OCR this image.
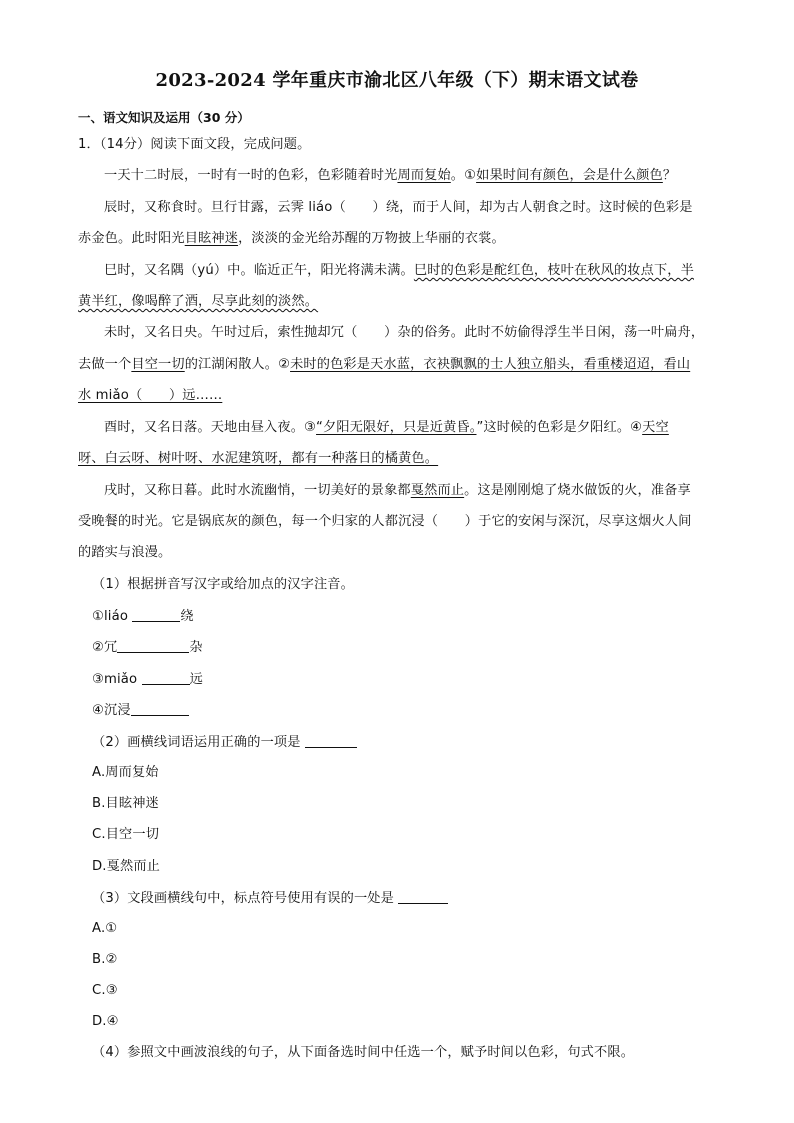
2023-2024 学年重庆市渝北区八年级（下）期末语文试卷
一、语文知识及运用（30 分）
1．（14分）阅读下面文段，完成问题。
一天十二时辰，一时有一时的色彩，色彩随着时光周而复始。①如果时间有颜色，会是什么颜色？
辰时，又称食时。旦行甘露，云霁 liáo（　　）绕，而于人间，却为古人朝食之时。这时候的色彩是
赤金色。此时阳光目眩神迷，淡淡的金光给苏醒的万物披上华丽的衣裳。
巳时，又名隅（yú）中。临近正午，阳光将满未满。巳时的色彩是酡红色，枝叶在秋风的妆点下，半
黄半红，像喝醉了酒，尽享此刻的淡然。
未时，又名日央。午时过后，索性抛却冗（　　）杂的俗务。此时不妨偷得浮生半日闲，荡一叶扁舟，
去做一个目空一切的江湖闲散人。②未时的色彩是天水蓝，衣袂飘飘的士人独立船头，看重楼迢迢，看山
水 miǎo（　　）远……
酉时，又名日落。天地由昼入夜。③“夕阳无限好，只是近黄昏。”这时候的色彩是夕阳红。④天空
呀、白云呀、树叶呀、水泥建筑呀，都有一种落日的橘黄色。
戌时，又称日暮。此时水流幽悄，一切美好的景象都戛然而止。这是刚刚熄了烧水做饭的火，准备享
受晚餐的时光。它是锅底灰的颜色，每一个归家的人都沉浸（　　）于它的安闲与深沉，尽享这烟火人间
的踏实与浪漫。
（1）根据拼音写汉字或给加点的汉字注音。
①liáo	绕
②冗	杂
③miǎo	远
④沉浸
（2）画横线词语运用正确的一项是
A.周而复始
B.目眩神迷
C.目空一切
D.戛然而止
（3）文段画横线句中，标点符号使用有误的一处是
A.①
B.②
C.③
D.④
（4）参照文中画波浪线的句子，从下面备选时间中任选一个，赋予时间以色彩，句式不限。
